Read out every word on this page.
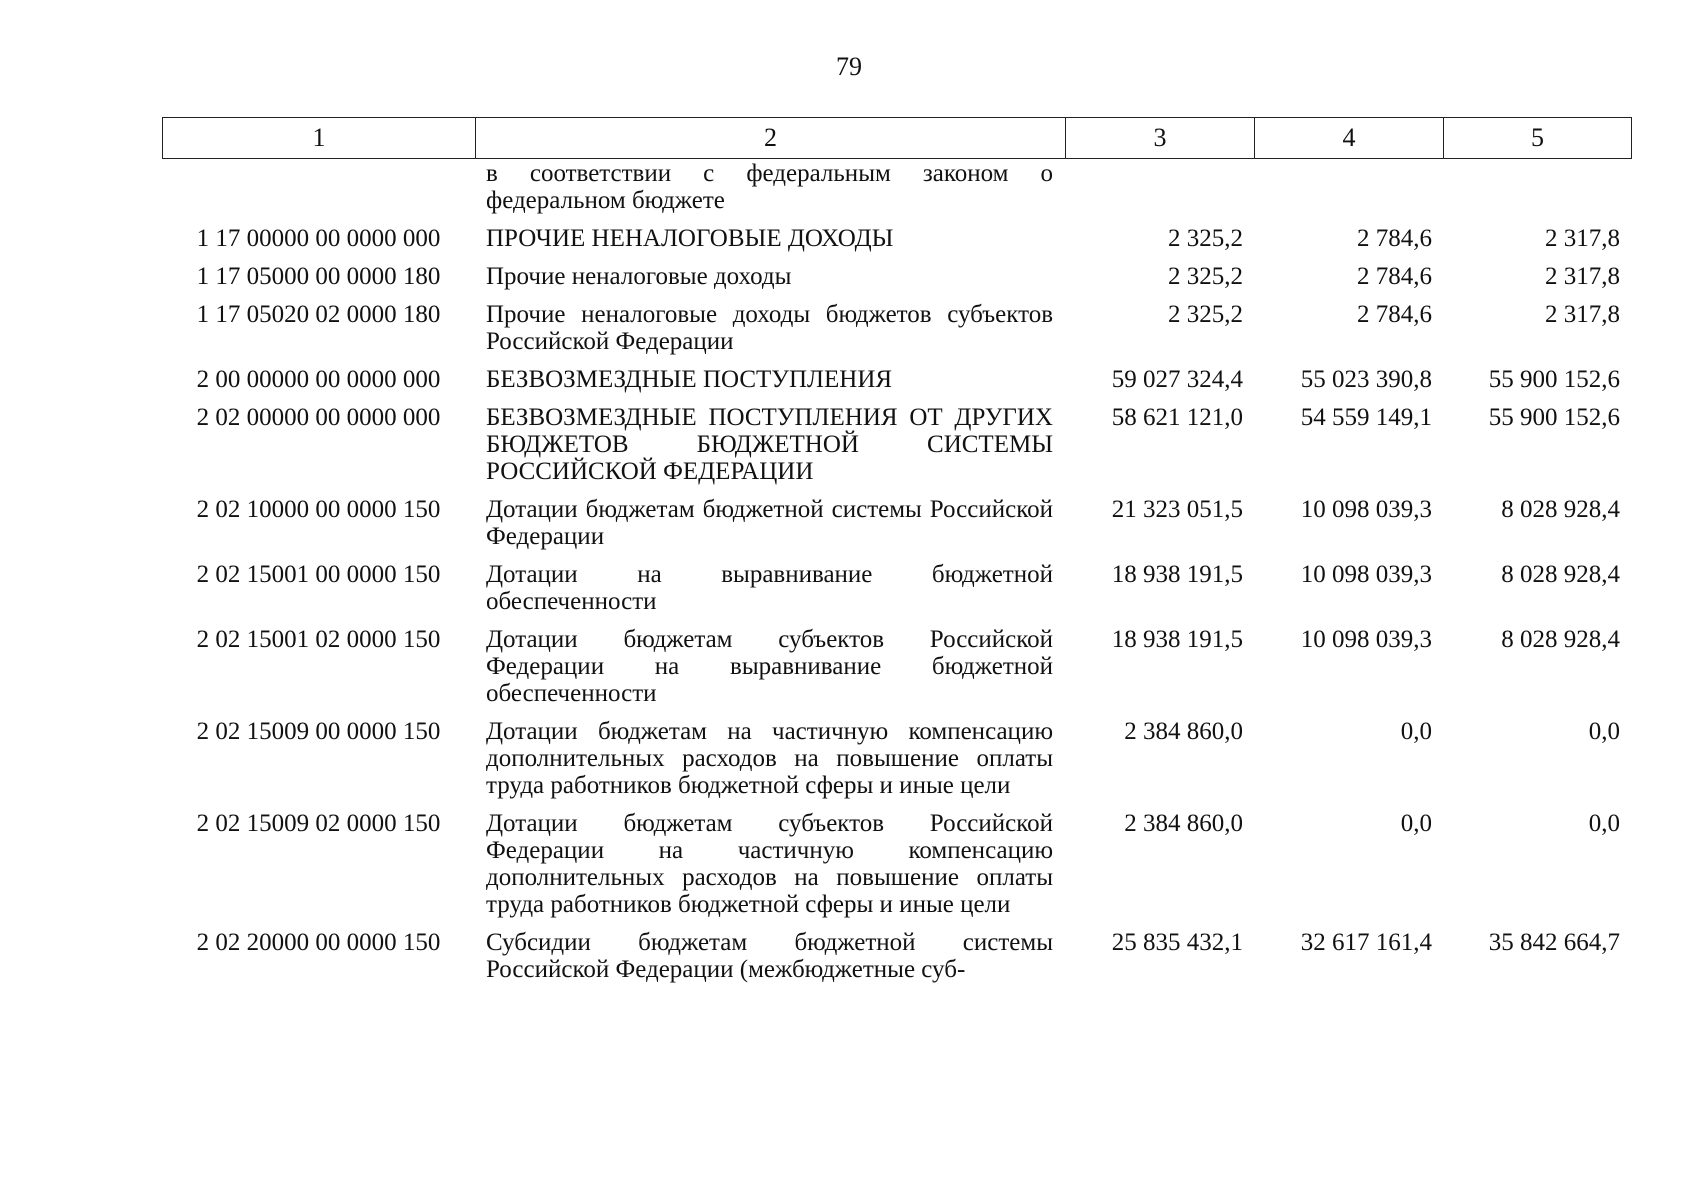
79
1	2	3	4	5
	в соответствии с федеральным законом о федеральном бюджете			
1 17 00000 00 0000 000	ПРОЧИЕ НЕНАЛОГОВЫЕ ДОХОДЫ	2 325,2	2 784,6	2 317,8
1 17 05000 00 0000 180	Прочие неналоговые доходы	2 325,2	2 784,6	2 317,8
1 17 05020 02 0000 180	Прочие неналоговые доходы бюджетов субъектов Российской Федерации	2 325,2	2 784,6	2 317,8
2 00 00000 00 0000 000	БЕЗВОЗМЕЗДНЫЕ ПОСТУПЛЕНИЯ	59 027 324,4	55 023 390,8	55 900 152,6
2 02 00000 00 0000 000	БЕЗВОЗМЕЗДНЫЕ ПОСТУПЛЕНИЯ ОТ ДРУГИХ БЮДЖЕТОВ БЮДЖЕТНОЙ СИСТЕМЫ РОССИЙСКОЙ ФЕДЕРАЦИИ	58 621 121,0	54 559 149,1	55 900 152,6
2 02 10000 00 0000 150	Дотации бюджетам бюджетной системы Российской Федерации	21 323 051,5	10 098 039,3	8 028 928,4
2 02 15001 00 0000 150	Дотации на выравнивание бюджетной обеспеченности	18 938 191,5	10 098 039,3	8 028 928,4
2 02 15001 02 0000 150	Дотации бюджетам субъектов Российской Федерации на выравнивание бюджетной обеспеченности	18 938 191,5	10 098 039,3	8 028 928,4
2 02 15009 00 0000 150	Дотации бюджетам на частичную компенсацию дополнительных расходов на повышение оплаты труда работников бюджетной сферы и иные цели	2 384 860,0	0,0	0,0
2 02 15009 02 0000 150	Дотации бюджетам субъектов Российской Федерации на частичную компенсацию дополнительных расходов на повышение оплаты труда работников бюджетной сферы и иные цели	2 384 860,0	0,0	0,0
2 02 20000 00 0000 150	Субсидии бюджетам бюджетной системы Российской Федерации (межбюджетные суб-	25 835 432,1	32 617 161,4	35 842 664,7
